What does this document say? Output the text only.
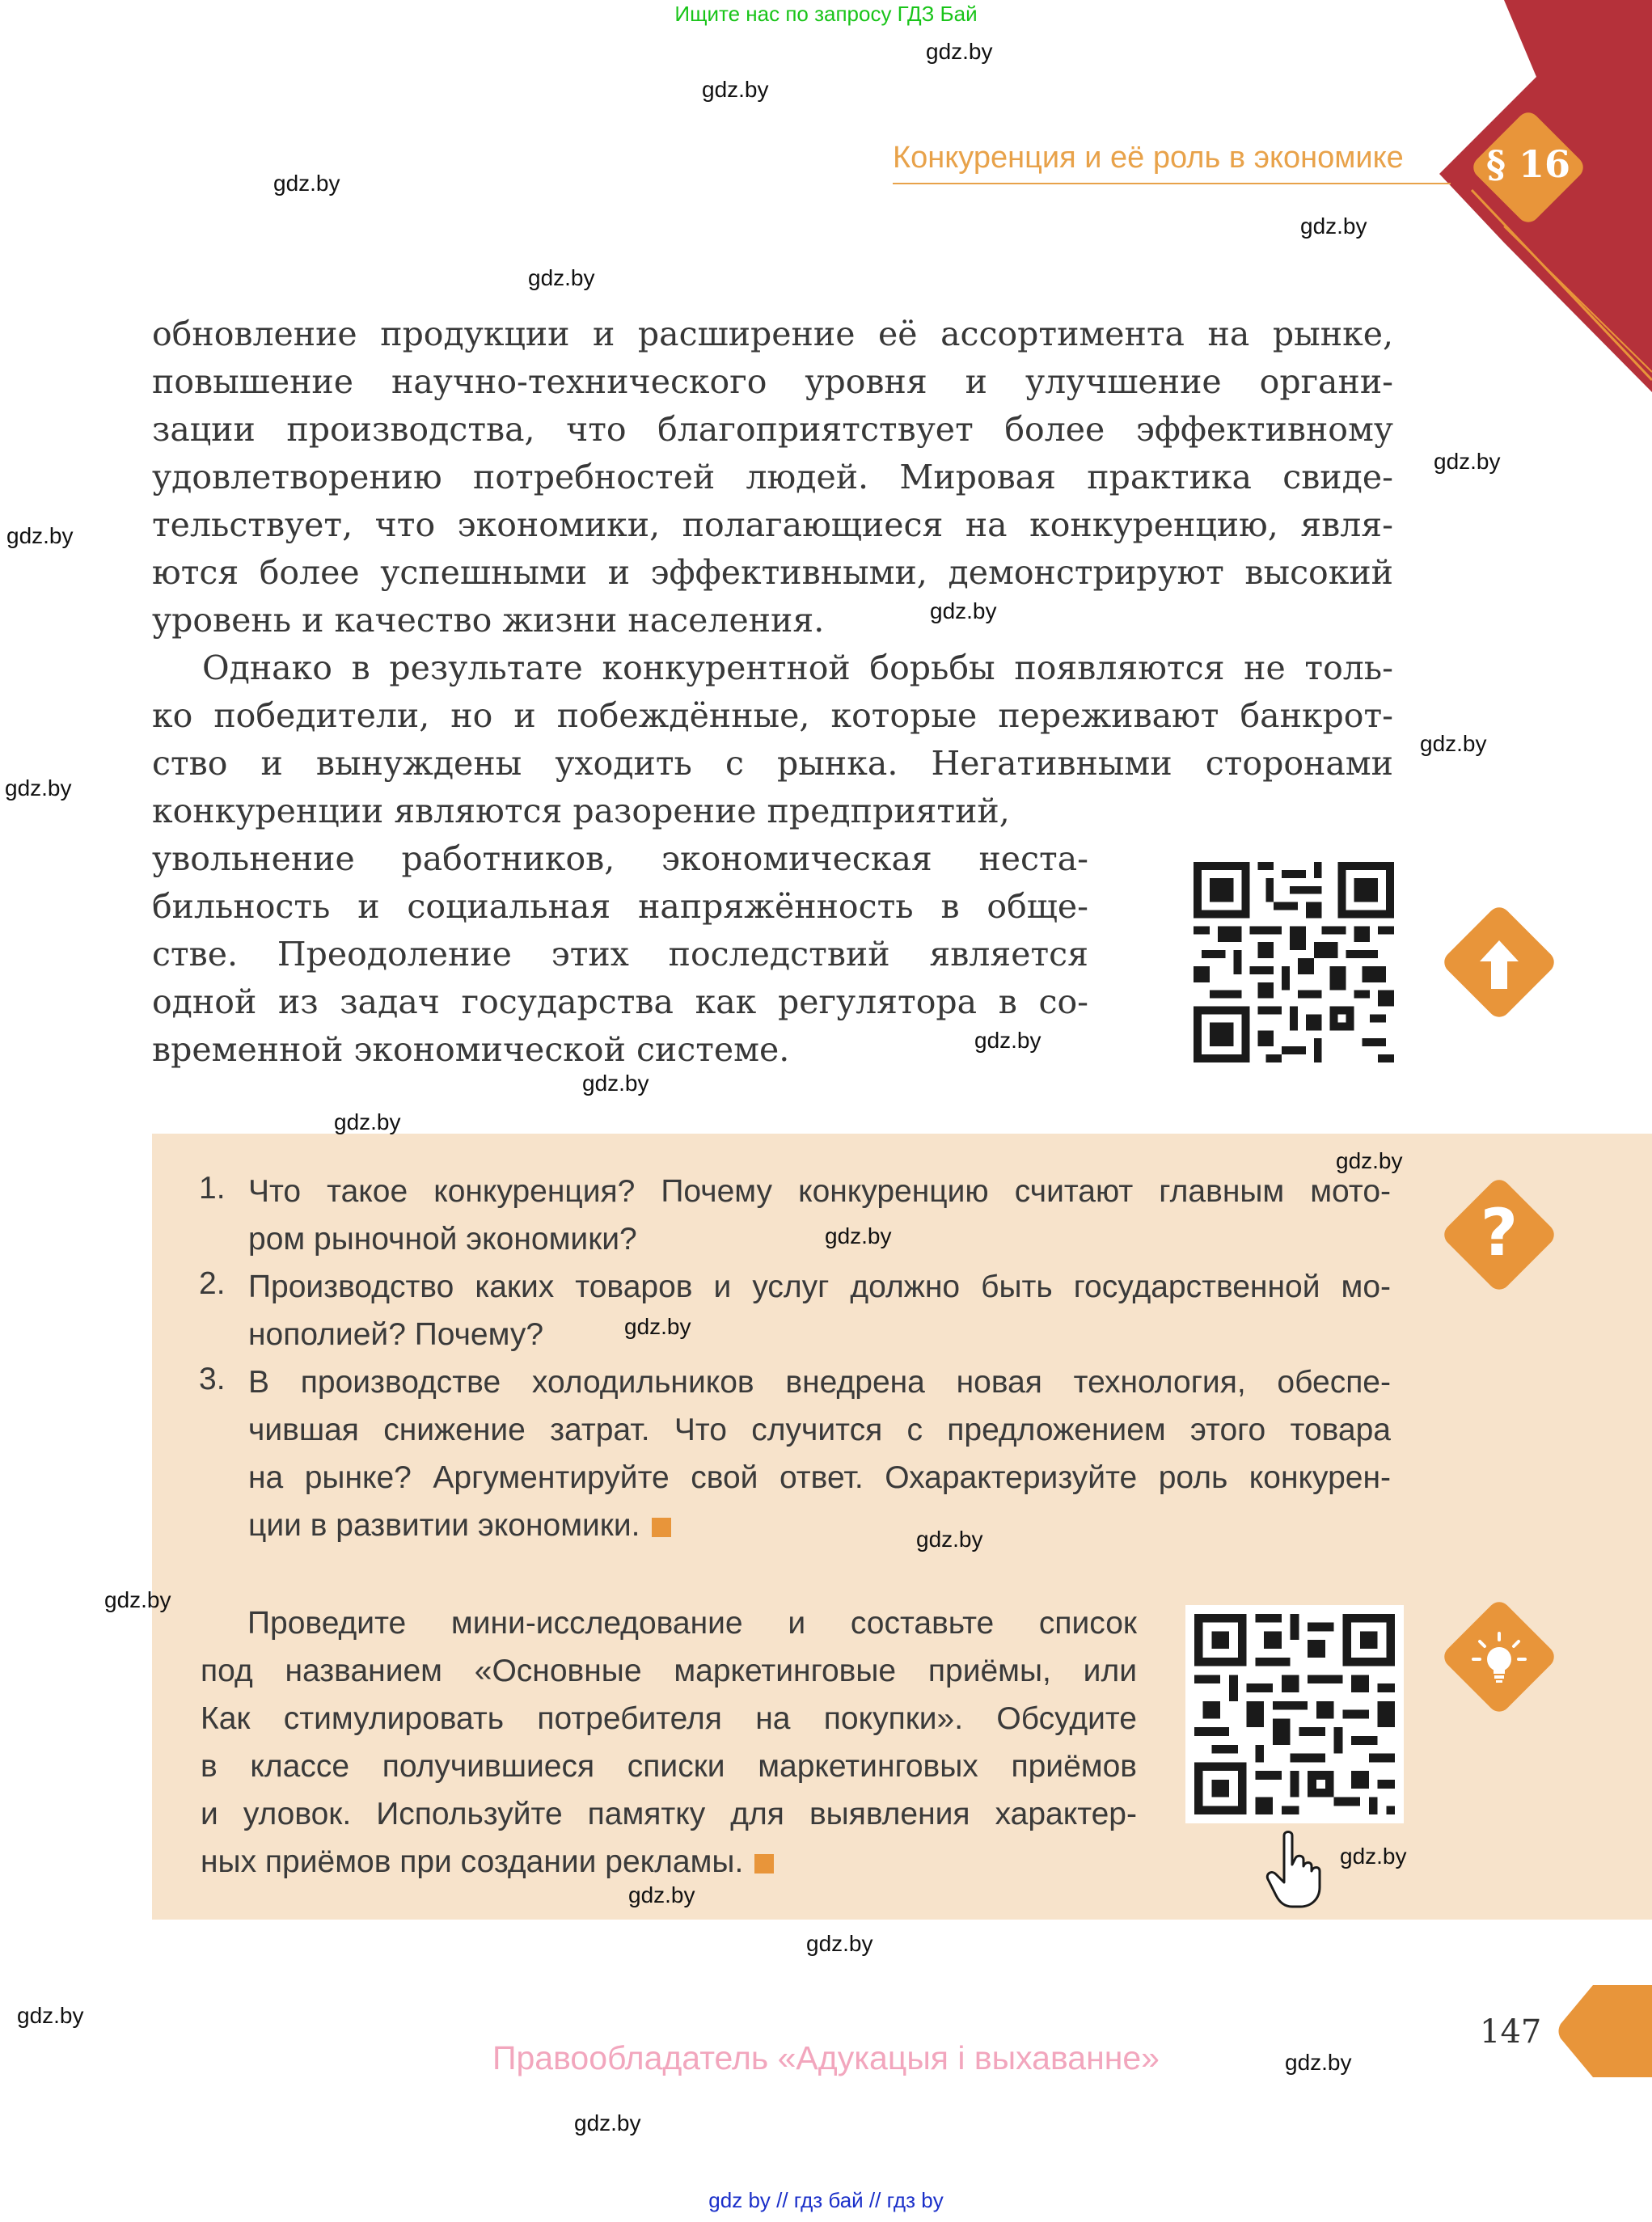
Ищите нас по запросу ГДЗ Бай
§ 16
Конкуренция и её роль в экономике
обновление продукции и расширение её ассортимента на рынке,
повышение научно-технического уровня и улучшение органи-
зации производства, что благоприятствует более эффективному
удовлетворению потребностей людей. Мировая практика свиде-
тельствует, что экономики, полагающиеся на конкуренцию, явля-
ются более успешными и эффективными, демонстрируют высокий
уровень и качество жизни населения.
Однако в результате конкурентной борьбы появляются не толь-
ко победители, но и побеждённые, которые переживают банкрот-
ство и вынуждены уходить с рынка. Негативными сторонами
конкуренции являются разорение предприятий,
увольнение работников, экономическая неста-
бильность и социальная напряжённость в обще-
стве. Преодоление этих последствий является
одной из задач государства как регулятора в со-
временной экономической системе.
1. Что такое конкуренция? Почему конкуренцию считают главным мото-
ром рыночной экономики?
2. Производство каких товаров и услуг должно быть государственной мо-
нополией? Почему?
3. В производстве холодильников внедрена новая технология, обеспе-
чившая снижение затрат. Что случится с предложением этого товара
на рынке? Аргументируйте свой ответ. Охарактеризуйте роль конкурен-
ции в развитии экономики.
?
Проведите мини-исследование и составьте список
под названием «Основные маркетинговые приёмы, или
Как стимулировать потребителя на покупки». Обсудите
в классе получившиеся списки маркетинговых приёмов
и уловок. Используйте памятку для выявления характер-
ных приёмов при создании рекламы.
147
Правообладатель «Адукацыя і выхаванне»
gdz by // гдз бай // гдз by
gdz.by
gdz.by
gdz.by
gdz.by
gdz.by
gdz.by
gdz.by
gdz.by
gdz.by
gdz.by
gdz.by
gdz.by
gdz.by
gdz.by
gdz.by
gdz.by
gdz.by
gdz.by
gdz.by
gdz.by
gdz.by
gdz.by
gdz.by
gdz.by
